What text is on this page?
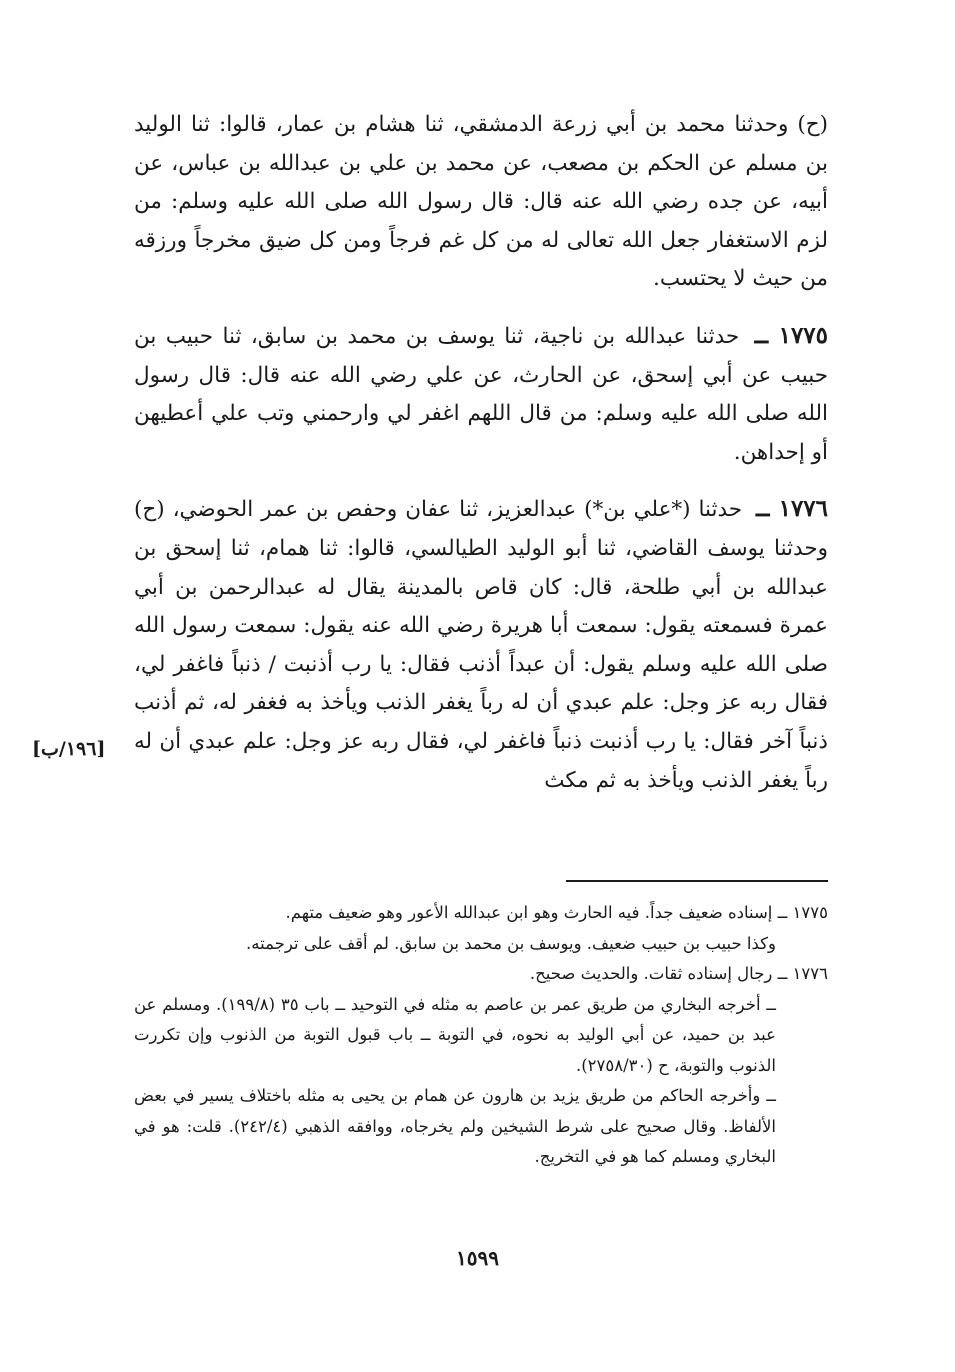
(ح) وحدثنا محمد بن أبي زرعة الدمشقي، ثنا هشام بن عمار، قالوا: ثنا الوليد بن مسلم عن الحكم بن مصعب، عن محمد بن علي بن عبدالله بن عباس، عن أبيه، عن جده رضي الله عنه قال: قال رسول الله صلى الله عليه وسلم: من لزم الاستغفار جعل الله تعالى له من كل غم فرجاً ومن كل ضيق مخرجاً ورزقه من حيث لا يحتسب.

١٧٧٥ ــ حدثنا عبدالله بن ناجية، ثنا يوسف بن محمد بن سابق، ثنا حبيب بن حبيب عن أبي إسحق، عن الحارث، عن علي رضي الله عنه قال: قال رسول الله صلى الله عليه وسلم: من قال اللهم اغفر لي وارحمني وتب علي أعطيهن أو إحداهن.

١٧٧٦ ــ حدثنا (*علي بن*) عبدالعزيز، ثنا عفان وحفص بن عمر الحوضي، (ح) وحدثنا يوسف القاضي، ثنا أبو الوليد الطيالسي، قالوا: ثنا همام، ثنا إسحق بن عبدالله بن أبي طلحة، قال: كان قاص بالمدينة يقال له عبدالرحمن بن أبي عمرة فسمعته يقول: سمعت أبا هريرة رضي الله عنه يقول: سمعت رسول الله صلى الله عليه وسلم يقول: أن عبداً أذنب فقال: يا رب أذنبت / ذنباً فاغفر لي، فقال ربه عز وجل: علم عبدي أن له رباً يغفر الذنب ويأخذ به فغفر له، ثم أذنب ذنباً آخر فقال: يا رب أذنبت ذنباً فاغفر لي، فقال ربه عز وجل: علم عبدي أن له رباً يغفر الذنب ويأخذ به ثم مكث

[١٩٦/ب]

١٧٧٥ ــ إسناده ضعيف جداً. فيه الحارث وهو ابن عبدالله الأعور وهو ضعيف متهم.

وكذا حبيب بن حبيب ضعيف. ويوسف بن محمد بن سابق. لم أقف على ترجمته.

١٧٧٦ ــ رجال إسناده ثقات. والحديث صحيح.

ــ أخرجه البخاري من طريق عمر بن عاصم به مثله في التوحيد ــ باب ٣٥ (١٩٩/٨). ومسلم عن عبد بن حميد، عن أبي الوليد به نحوه، في التوبة ــ باب قبول التوبة من الذنوب وإن تكررت الذنوب والتوبة، ح (٢٧٥٨/٣٠).

ــ وأخرجه الحاكم من طريق يزيد بن هارون عن همام بن يحيى به مثله باختلاف يسير في بعض الألفاظ. وقال صحيح على شرط الشيخين ولم يخرجاه، ووافقه الذهبي (٢٤٢/٤). قلت: هو في البخاري ومسلم كما هو في التخريج.

١٥٩٩
